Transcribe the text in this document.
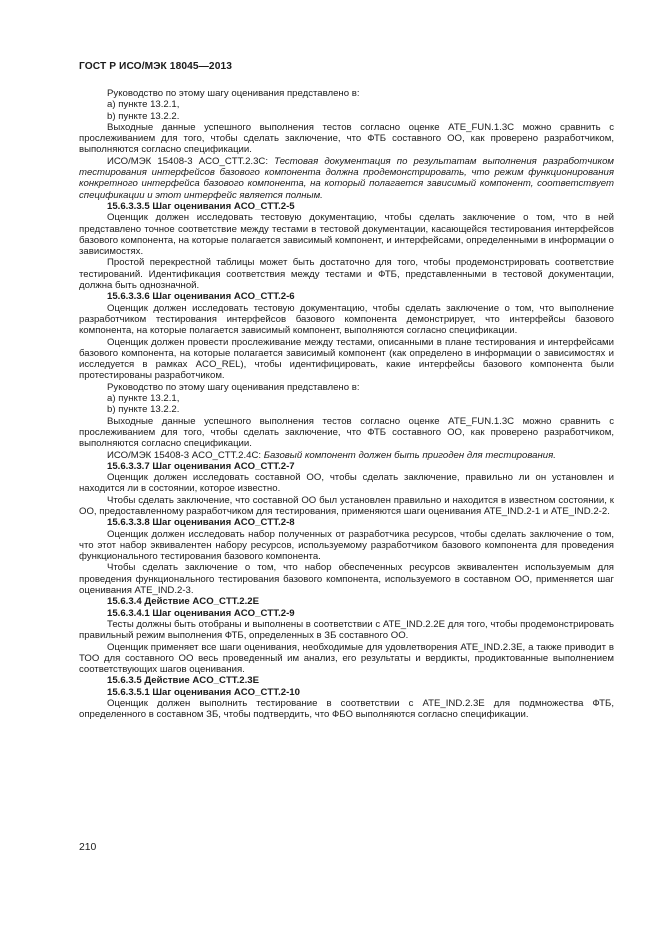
ГОСТ Р ИСО/МЭК 18045—2013

Руководство по этому шагу оценивания представлено в:

a) пункте 13.2.1,

b) пункте 13.2.2.

Выходные данные успешного выполнения тестов согласно оценке ATE_FUN.1.3C можно сравнить с прослеживанием для того, чтобы сделать заключение, что ФТБ составного ОО, как проверено разработчиком, выполняются согласно спецификации.

ИСО/МЭК 15408-3 ACO_CTT.2.3C: Тестовая документация по результатам выполнения разработчиком тестирования интерфейсов базового компонента должна продемонстрировать, что режим функционирования конкретного интерфейса базового компонента, на который полагается зависимый компонент, соответствует спецификации и этот интерфейс является полным.

15.6.3.3.5 Шаг оценивания ACO_CTT.2-5

Оценщик должен исследовать тестовую документацию, чтобы сделать заключение о том, что в ней представлено точное соответствие между тестами в тестовой документации, касающейся тестирования интерфейсов базового компонента, на которые полагается зависимый компонент, и интерфейсами, определенными в информации о зависимостях.

Простой перекрестной таблицы может быть достаточно для того, чтобы продемонстрировать соответствие тестирований. Идентификация соответствия между тестами и ФТБ, представленными в тестовой документации, должна быть однозначной.

15.6.3.3.6 Шаг оценивания ACO_CTT.2-6

Оценщик должен исследовать тестовую документацию, чтобы сделать заключение о том, что выполнение разработчиком тестирования интерфейсов базового компонента демонстрирует, что интерфейсы базового компонента, на которые полагается зависимый компонент, выполняются согласно спецификации.

Оценщик должен провести прослеживание между тестами, описанными в плане тестирования и интерфейсами базового компонента, на которые полагается зависимый компонент (как определено в информации о зависимостях и исследуется в рамках ACO_REL), чтобы идентифицировать, какие интерфейсы базового компонента были протестированы разработчиком.

Руководство по этому шагу оценивания представлено в:

a) пункте 13.2.1,

b) пункте 13.2.2.

Выходные данные успешного выполнения тестов согласно оценке ATE_FUN.1.3C можно сравнить с прослеживанием для того, чтобы сделать заключение, что ФТБ составного ОО, как проверено разработчиком, выполняются согласно спецификации.

ИСО/МЭК 15408-3 ACO_CTT.2.4C: Базовый компонент должен быть пригоден для тестирования.

15.6.3.3.7 Шаг оценивания ACO_CTT.2-7

Оценщик должен исследовать составной ОО, чтобы сделать заключение, правильно ли он установлен и находится ли в состоянии, которое известно.

Чтобы сделать заключение, что составной ОО был установлен правильно и находится в известном состоянии, к ОО, предоставленному разработчиком для тестирования, применяются шаги оценивания ATE_IND.2-1 и ATE_IND.2-2.

15.6.3.3.8 Шаг оценивания ACO_CTT.2-8

Оценщик должен исследовать набор полученных от разработчика ресурсов, чтобы сделать заключение о том, что этот набор эквивалентен набору ресурсов, используемому разработчиком базового компонента для проведения функционального тестирования базового компонента.

Чтобы сделать заключение о том, что набор обеспеченных ресурсов эквивалентен используемым для проведения функционального тестирования базового компонента, используемого в составном ОО, применяется шаг оценивания ATE_IND.2-3.

15.6.3.4 Действие ACO_CTT.2.2E

15.6.3.4.1 Шаг оценивания ACO_CTT.2-9

Тесты должны быть отобраны и выполнены в соответствии с ATE_IND.2.2E для того, чтобы продемонстрировать правильный режим выполнения ФТБ, определенных в ЗБ составного ОО.

Оценщик применяет все шаги оценивания, необходимые для удовлетворения ATE_IND.2.3E, а также приводит в ТОО для составного ОО весь проведенный им анализ, его результаты и вердикты, продиктованные выполнением соответствующих шагов оценивания.

15.6.3.5 Действие ACO_CTT.2.3E

15.6.3.5.1 Шаг оценивания ACO_CTT.2-10

Оценщик должен выполнить тестирование в соответствии с ATE_IND.2.3E для подмножества ФТБ, определенного в составном ЗБ, чтобы подтвердить, что ФБО выполняются согласно спецификации.

210
